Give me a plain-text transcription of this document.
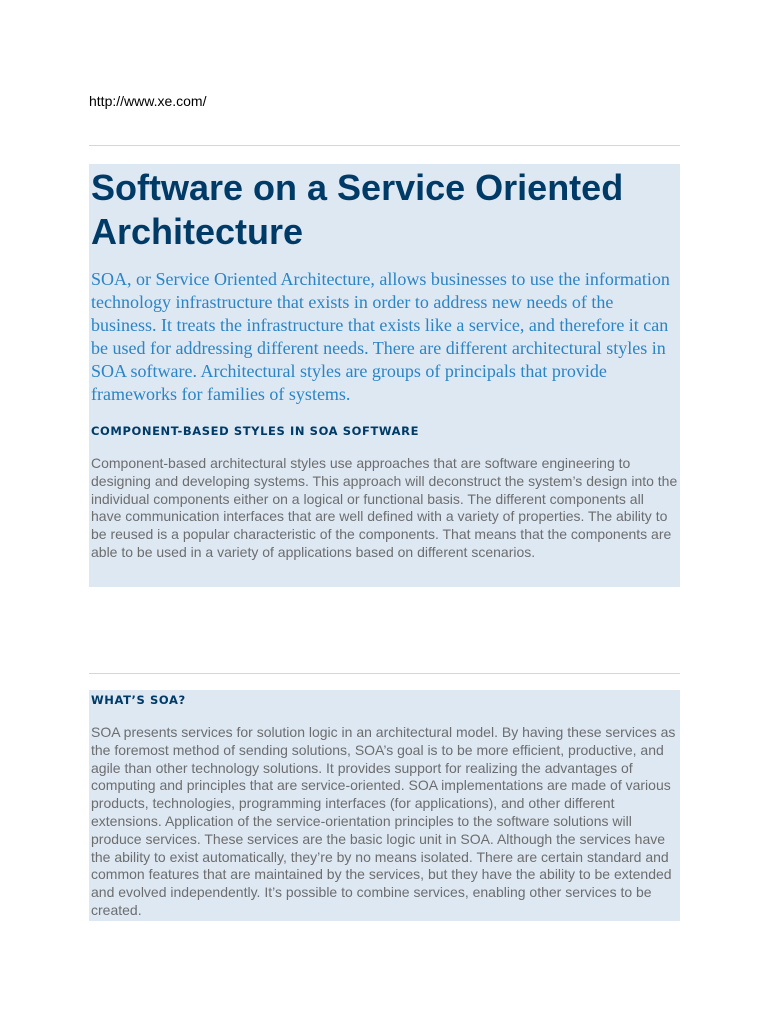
http://www.xe.com/
Software on a Service Oriented Architecture

SOA, or Service Oriented Architecture, allows businesses to use the information technology infrastructure that exists in order to address new needs of the business. It treats the infrastructure that exists like a service, and therefore it can be used for addressing different needs. There are different architectural styles in SOA software. Architectural styles are groups of principals that provide frameworks for families of systems.

COMPONENT-BASED STYLES IN SOA SOFTWARE

Component-based architectural styles use approaches that are software engineering to designing and developing systems. This approach will deconstruct the system’s design into the individual components either on a logical or functional basis. The different components all have communication interfaces that are well defined with a variety of properties. The ability to be reused is a popular characteristic of the components. That means that the components are able to be used in a variety of applications based on different scenarios.

WHAT’S SOA?

SOA presents services for solution logic in an architectural model. By having these services as the foremost method of sending solutions, SOA’s goal is to be more efficient, productive, and agile than other technology solutions. It provides support for realizing the advantages of computing and principles that are service-oriented. SOA implementations are made of various products, technologies, programming interfaces (for applications), and other different extensions. Application of the service-orientation principles to the software solutions will produce services. These services are the basic logic unit in SOA. Although the services have the ability to exist automatically, they’re by no means isolated. There are certain standard and common features that are maintained by the services, but they have the ability to be extended and evolved independently. It’s possible to combine services, enabling other services to be created.
